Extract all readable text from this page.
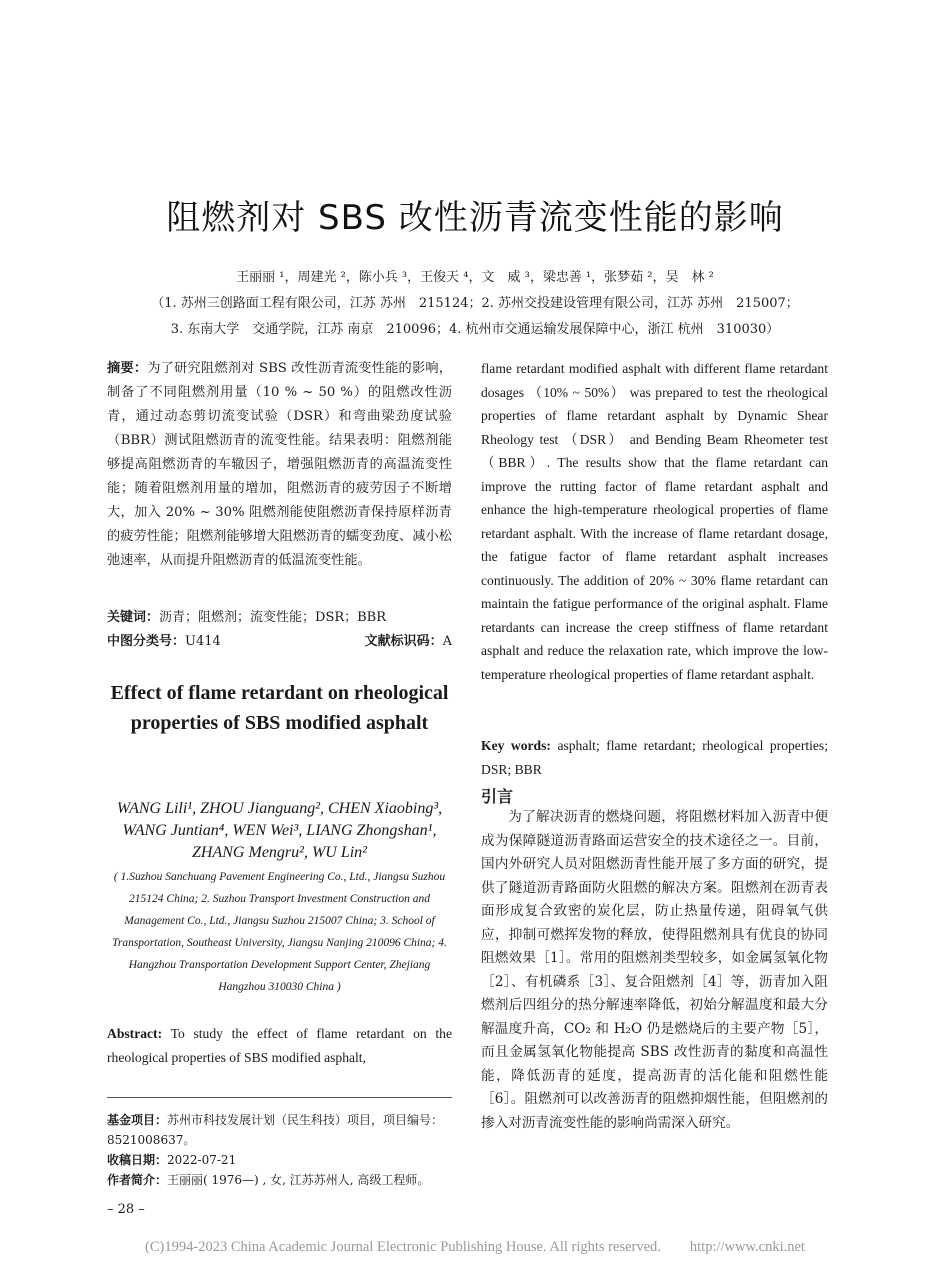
阻燃剂对 SBS 改性沥青流变性能的影响
王丽丽 ¹，周建光 ²，陈小兵 ³，王俊天 ⁴，文　威 ³，梁忠善 ¹，张梦茹 ²，吴　林 ²
（1. 苏州三创路面工程有限公司，江苏 苏州　215124；2. 苏州交投建设管理有限公司，江苏 苏州　215007；
3. 东南大学　交通学院，江苏 南京　210096；4. 杭州市交通运输发展保障中心，浙江 杭州　310030）
摘要：为了研究阻燃剂对 SBS 改性沥青流变性能的影响，制备了不同阻燃剂用量（10 % ~ 50 %）的阻燃改性沥青，通过动态剪切流变试验（DSR）和弯曲梁劲度试验（BBR）测试阻燃沥青的流变性能。结果表明：阻燃剂能够提高阻燃沥青的车辙因子，增强阻燃沥青的高温流变性能；随着阻燃剂用量的增加，阻燃沥青的疲劳因子不断增大，加入 20% ~ 30% 阻燃剂能使阻燃沥青保持原样沥青的疲劳性能；阻燃剂能够增大阻燃沥青的蠕变劲度、减小松弛速率，从而提升阻燃沥青的低温流变性能。
关键词：沥青；阻燃剂；流变性能；DSR；BBR
中图分类号：U414	文献标识码：A
Effect of flame retardant on rheological properties of SBS modified asphalt
WANG Lili¹, ZHOU Jianguang², CHEN Xiaobing³, WANG Juntian⁴, WEN Wei³, LIANG Zhongshan¹, ZHANG Mengru², WU Lin²
( 1.Suzhou Sanchuang Pavement Engineering Co., Ltd., Jiangsu Suzhou 215124 China; 2. Suzhou Transport Investment Construction and Management Co., Ltd., Jiangsu Suzhou 215007 China; 3. School of Transportation, Southeast University, Jiangsu Nanjing 210096 China; 4. Hangzhou Transportation Development Support Center, Zhejiang Hangzhou 310030 China )
Abstract: To study the effect of flame retardant on the rheological properties of SBS modified asphalt,
基金项目：苏州市科技发展计划（民生科技）项目，项目编号：8521008637。
收稿日期：2022-07-21
作者简介：王丽丽( 1976—) , 女, 江苏苏州人, 高级工程师。
– 28 –
flame retardant modified asphalt with different flame retardant dosages （10% ~ 50%） was prepared to test the rheological properties of flame retardant asphalt by Dynamic Shear Rheology test （DSR） and Bending Beam Rheometer test （BBR）. The results show that the flame retardant can improve the rutting factor of flame retardant asphalt and enhance the high-temperature rheological properties of flame retardant asphalt. With the increase of flame retardant dosage, the fatigue factor of flame retardant asphalt increases continuously. The addition of 20% ~ 30% flame retardant can maintain the fatigue performance of the original asphalt. Flame retardants can increase the creep stiffness of flame retardant asphalt and reduce the relaxation rate, which improve the low-temperature rheological properties of flame retardant asphalt.
Key words: asphalt; flame retardant; rheological properties; DSR; BBR
引言

为了解决沥青的燃烧问题，将阻燃材料加入沥青中便成为保障隧道沥青路面运营安全的技术途径之一。目前，国内外研究人员对阻燃沥青性能开展了多方面的研究，提供了隧道沥青路面防火阻燃的解决方案。阻燃剂在沥青表面形成复合致密的炭化层，防止热量传递，阻碍氧气供应，抑制可燃挥发物的释放，使得阻燃剂具有优良的协同阻燃效果［1］。常用的阻燃剂类型较多，如金属氢氧化物［2］、有机磷系［3］、复合阻燃剂［4］等，沥青加入阻燃剂后四组分的热分解速率降低，初始分解温度和最大分解温度升高，CO₂ 和 H₂O 仍是燃烧后的主要产物［5］，而且金属氢氧化物能提高 SBS 改性沥青的黏度和高温性能，降低沥青的延度，提高沥青的活化能和阻燃性能［6］。阻燃剂可以改善沥青的阻燃抑烟性能，但阻燃剂的掺入对沥青流变性能的影响尚需深入研究。

(C)1994-2023 China Academic Journal Electronic Publishing House. All rights reserved.　　http://www.cnki.net
